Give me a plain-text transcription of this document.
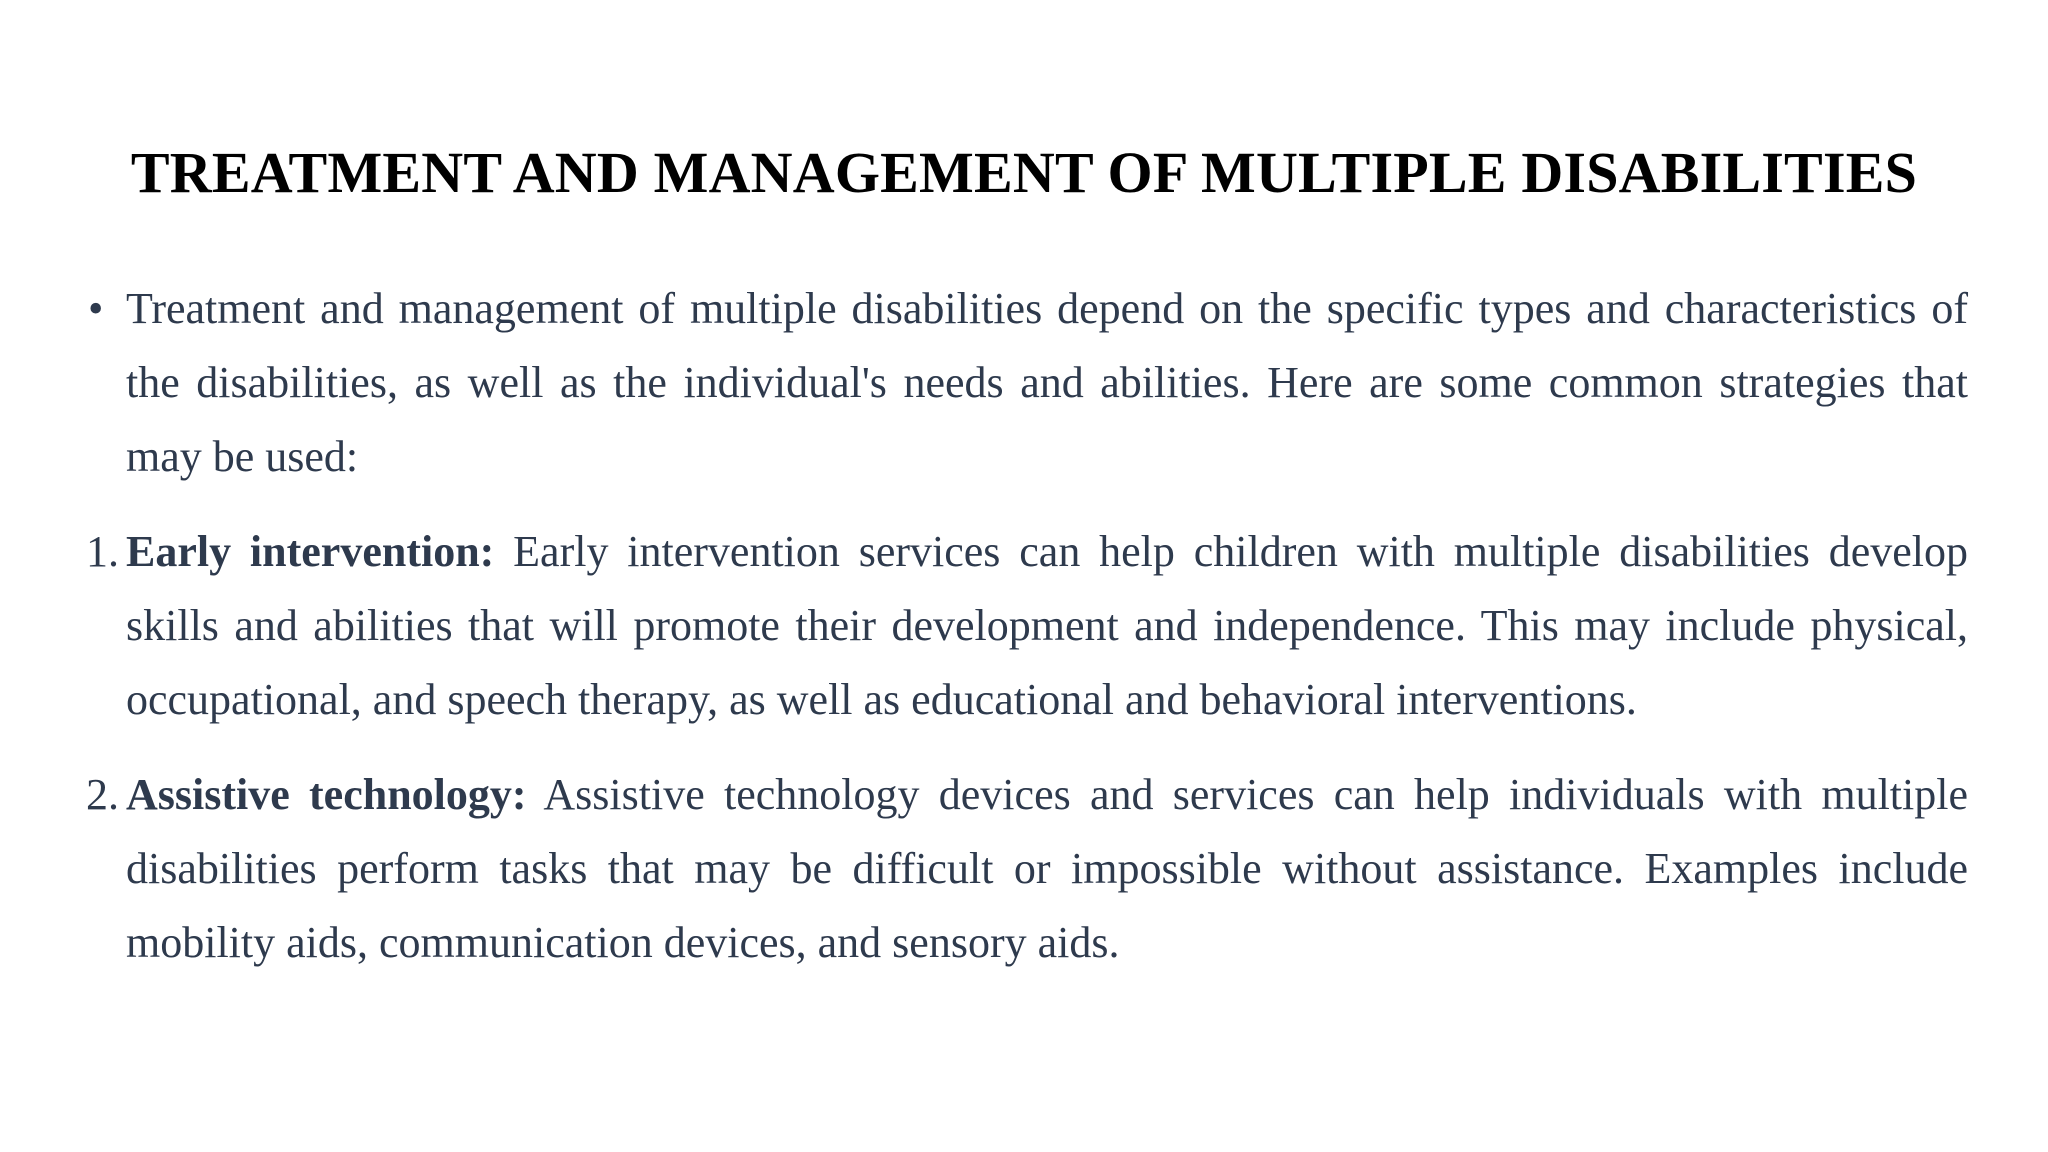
TREATMENT AND MANAGEMENT OF MULTIPLE DISABILITIES

• Treatment and management of multiple disabilities depend on the specific types and characteristics of the disabilities, as well as the individual's needs and abilities. Here are some common strategies that may be used:

1. Early intervention: Early intervention services can help children with multiple disabilities develop skills and abilities that will promote their development and independence. This may include physical, occupational, and speech therapy, as well as educational and behavioral interventions.

2. Assistive technology: Assistive technology devices and services can help individuals with multiple disabilities perform tasks that may be difficult or impossible without assistance. Examples include mobility aids, communication devices, and sensory aids.
